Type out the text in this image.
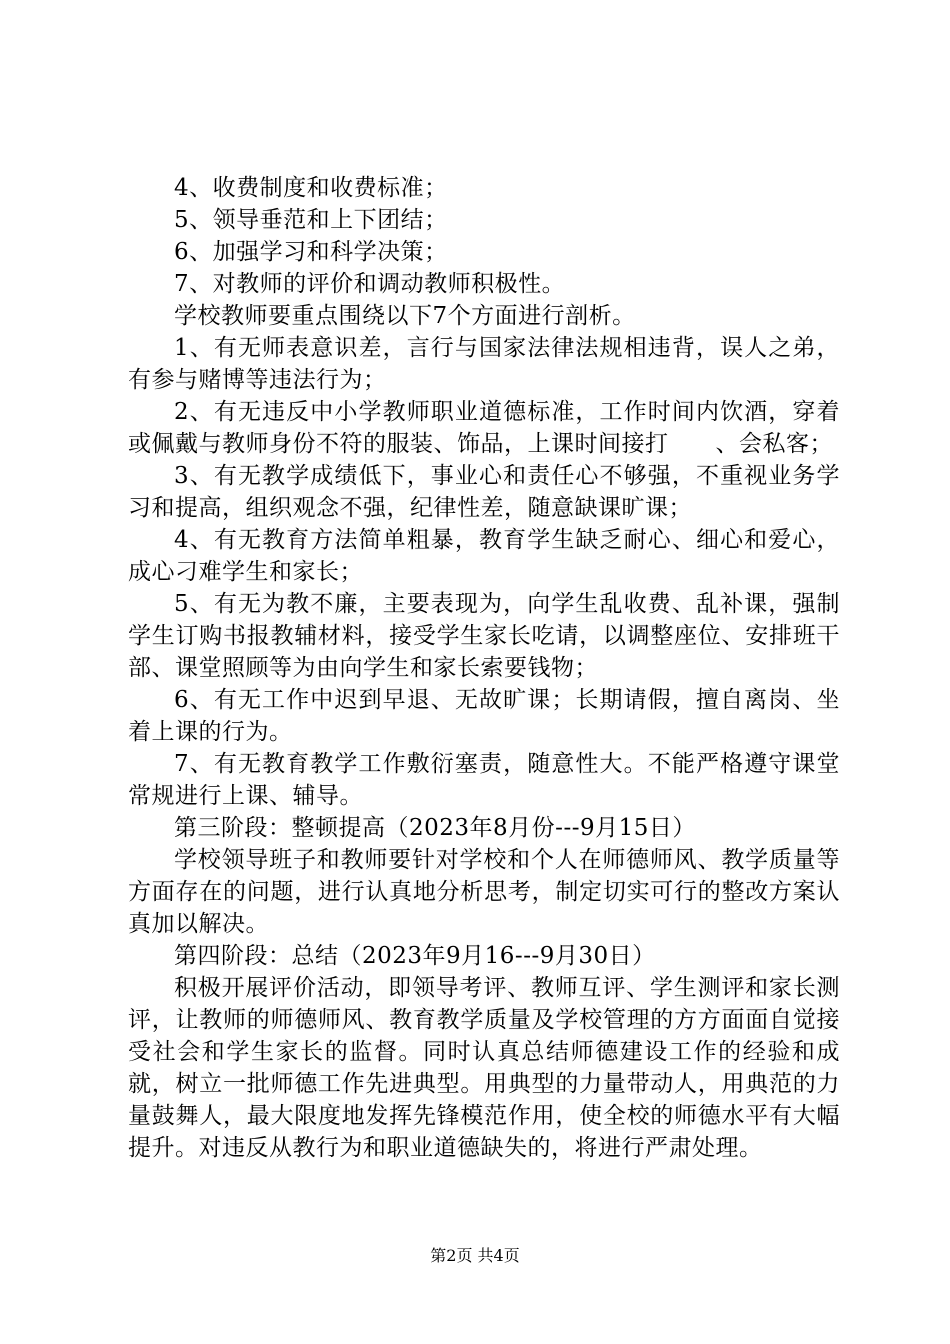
4、收费制度和收费标准；

5、领导垂范和上下团结；

6、加强学习和科学决策；

7、对教师的评价和调动教师积极性。

学校教师要重点围绕以下7个方面进行剖析。

1、有无师表意识差，言行与国家法律法规相违背，误人之弟，有参与赌博等违法行为；

2、有无违反中小学教师职业道德标准，工作时间内饮酒，穿着或佩戴与教师身份不符的服装、饰品，上课时间接打　　、会私客；

3、有无教学成绩低下，事业心和责任心不够强，不重视业务学习和提高，组织观念不强，纪律性差，随意缺课旷课；

4、有无教育方法简单粗暴，教育学生缺乏耐心、细心和爱心，成心刁难学生和家长；

5、有无为教不廉，主要表现为，向学生乱收费、乱补课，强制学生订购书报教辅材料，接受学生家长吃请，以调整座位、安排班干部、课堂照顾等为由向学生和家长索要钱物；

6、有无工作中迟到早退、无故旷课；长期请假，擅自离岗、坐着上课的行为。

7、有无教育教学工作敷衍塞责，随意性大。不能严格遵守课堂常规进行上课、辅导。

第三阶段：整顿提高（2023年8月份---9月15日）

学校领导班子和教师要针对学校和个人在师德师风、教学质量等方面存在的问题，进行认真地分析思考，制定切实可行的整改方案认真加以解决。

第四阶段：总结（2023年9月16---9月30日）

积极开展评价活动，即领导考评、教师互评、学生测评和家长测评，让教师的师德师风、教育教学质量及学校管理的方方面面自觉接受社会和学生家长的监督。同时认真总结师德建设工作的经验和成就，树立一批师德工作先进典型。用典型的力量带动人，用典范的力量鼓舞人，最大限度地发挥先锋模范作用，使全校的师德水平有大幅提升。对违反从教行为和职业道德缺失的，将进行严肃处理。

第2页 共4页
